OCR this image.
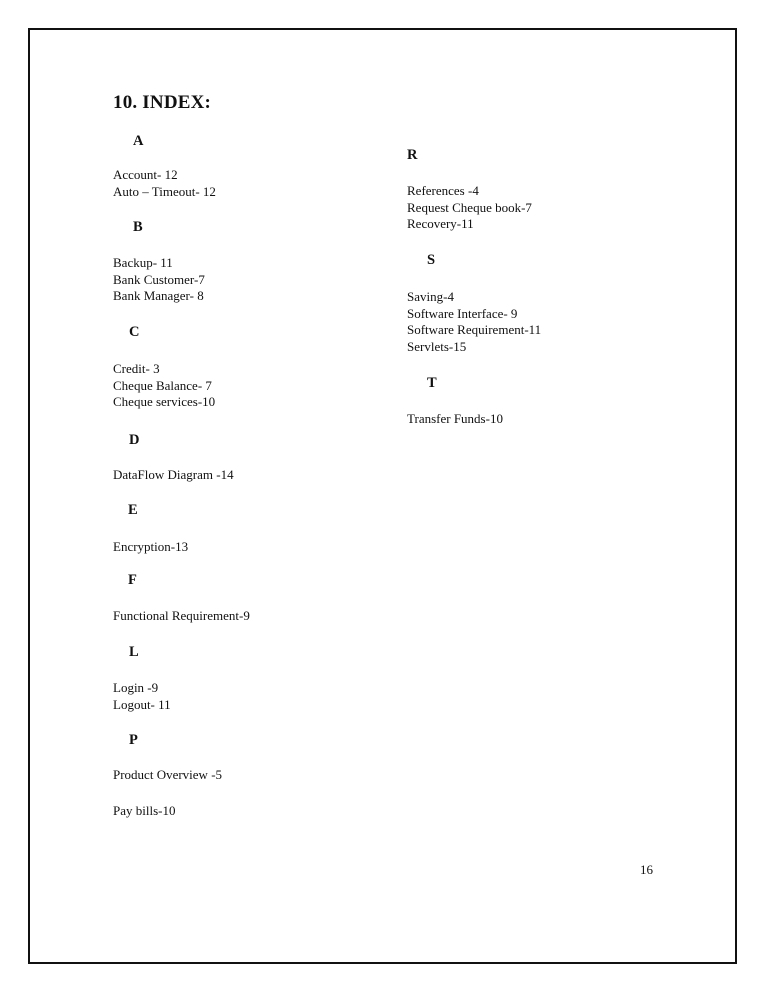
10. INDEX:
A
Account- 12
Auto – Timeout- 12
B
Backup- 11
Bank Customer-7
Bank Manager- 8
C
Credit- 3
Cheque Balance- 7
Cheque services-10
D
DataFlow Diagram -14
E
Encryption-13
F
Functional Requirement-9
L
Login -9
Logout- 11
P
Product Overview -5
Pay bills-10
R
References -4
Request Cheque book-7
Recovery-11
S
Saving-4
Software Interface- 9
Software Requirement-11
Servlets-15
T
Transfer Funds-10
16
